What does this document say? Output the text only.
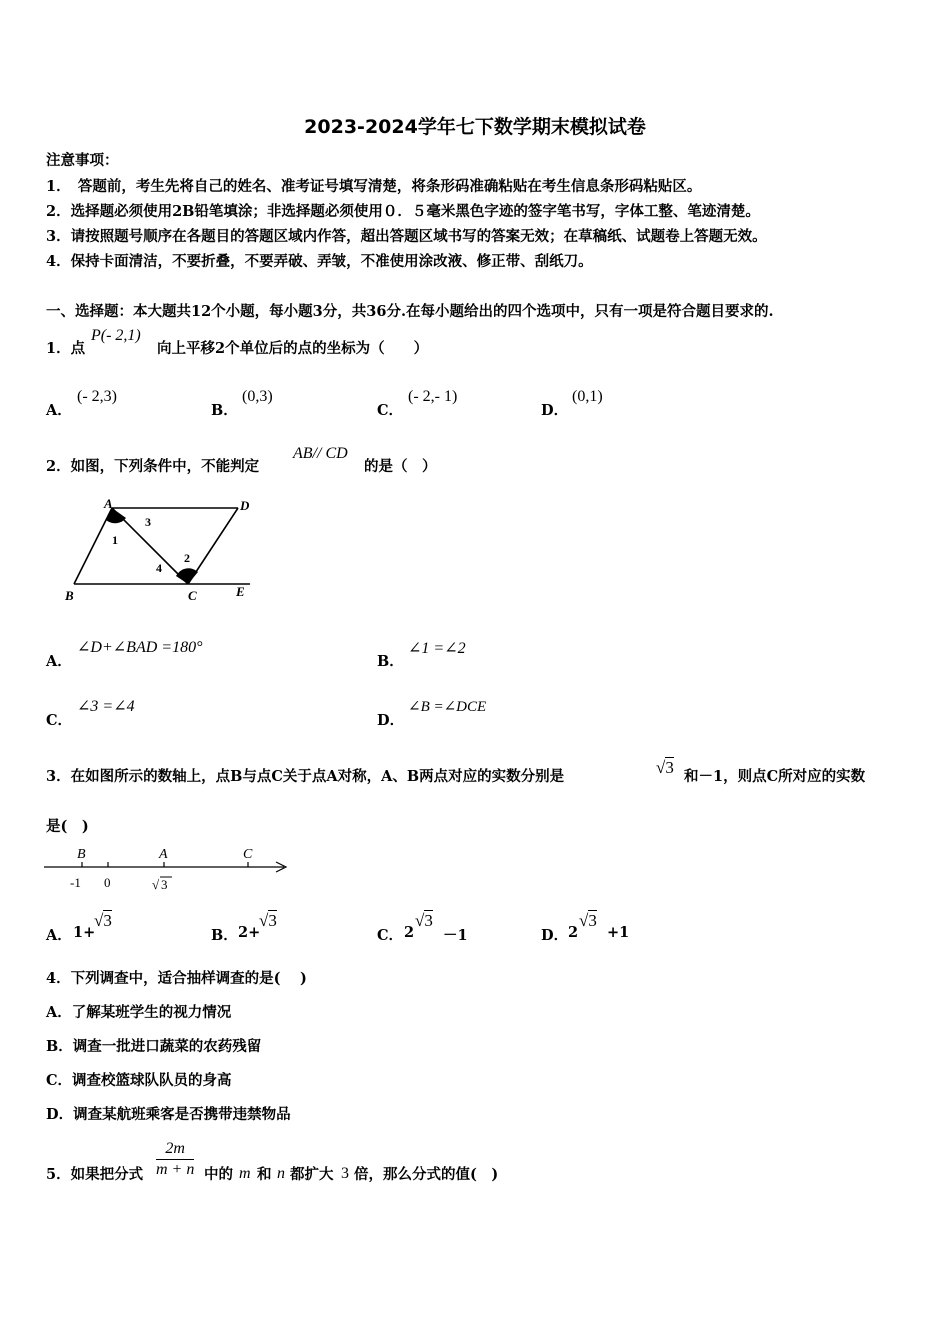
2023-2024学年七下数学期末模拟试卷
注意事项：
1．　答题前，考生先将自己的姓名、准考证号填写清楚，将条形码准确粘贴在考生信息条形码粘贴区。
2．选择题必须使用2B铅笔填涂；非选择题必须使用０．５毫米黑色字迹的签字笔书写，字体工整、笔迹清楚。
3．请按照题号顺序在各题目的答题区域内作答，超出答题区域书写的答案无效；在草稿纸、试题卷上答题无效。
4．保持卡面清洁，不要折叠，不要弄破、弄皱，不准使用涂改液、修正带、刮纸刀。
一、选择题：本大题共12个小题，每小题3分，共36分.在每小题给出的四个选项中，只有一项是符合题目要求的.
1．点
P(- 2,1)
向上平移2个单位后的点的坐标为（　　）
A．
(- 2,3)
B．
(0,3)
C．
(- 2,- 1)
D．
(0,1)
2．如图，下列条件中，不能判定
AB// CD
的是（　）
A	D
B	C	E
1
3
2
4
A．
∠D+∠BAD =180°
B．
∠1 =∠2
C．
∠3 =∠4
D．
∠B =∠DCE
3．在如图所示的数轴上，点B与点C关于点A对称，A、B两点对应的实数分别是	√3 和－1，则点C所对应的实数
是(　)
B	A	C
-1 0	√ 3
A． 1+
√3
B． 2+
√3
C． 2
√3
－1	D． 2
√3
+1
4．下列调查中，适合抽样调查的是(　 )
A．了解某班学生的视力情况
B．调查一批进口蔬菜的农药残留
C．调查校篮球队队员的身高
D．调查某航班乘客是否携带违禁物品
5．如果把分式 $\frac{2m}{m + n}$ 中的 m 和 n 都扩大 3 倍，那么分式的值(　)
